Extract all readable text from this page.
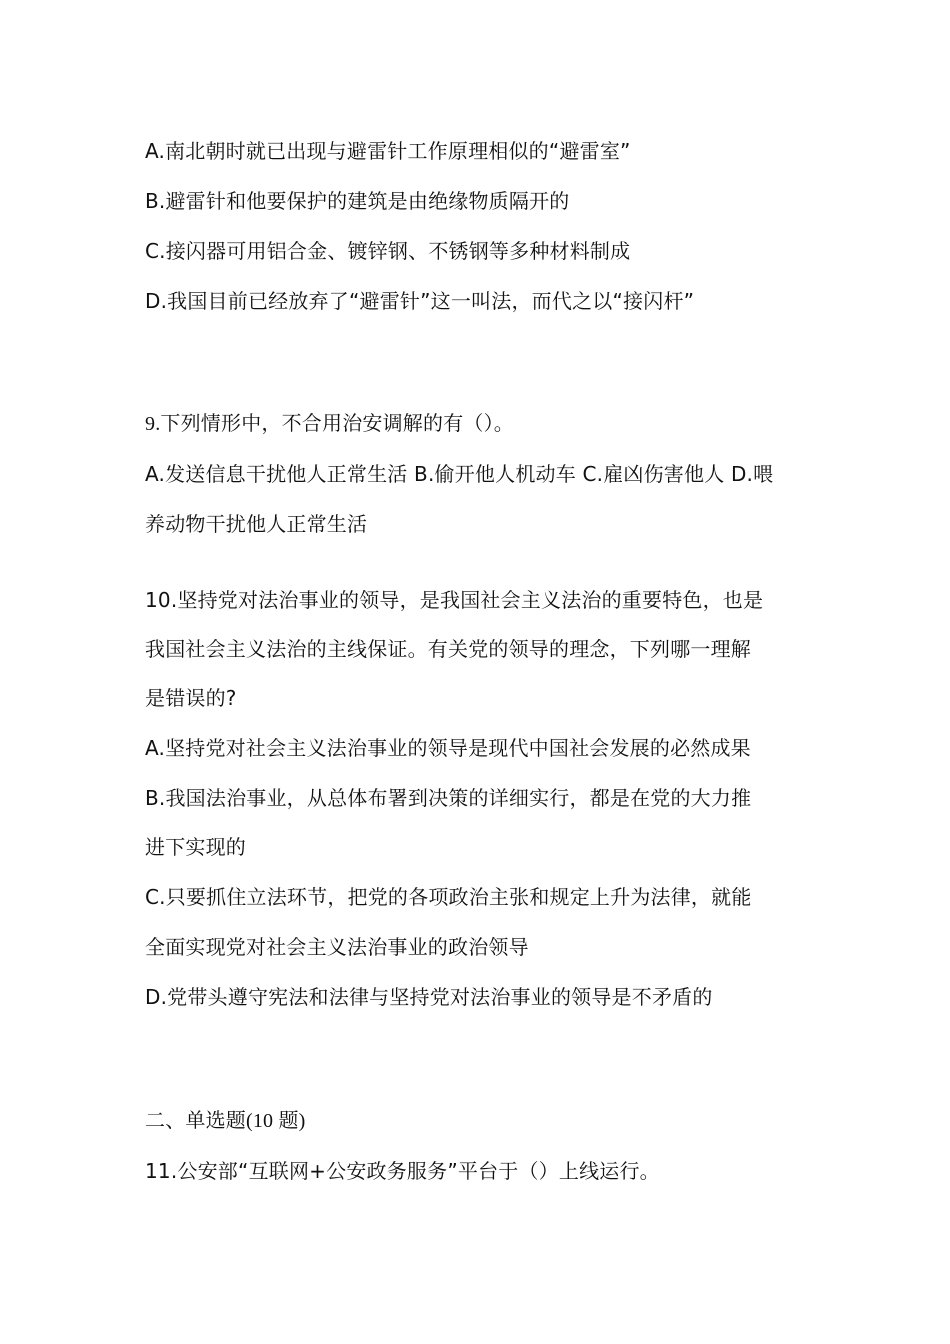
A.南北朝时就已出现与避雷针工作原理相似的“避雷室”
B.避雷针和他要保护的建筑是由绝缘物质隔开的
C.接闪器可用铝合金、镀锌钢、不锈钢等多种材料制成
D.我国目前已经放弃了“避雷针”这一叫法，而代之以“接闪杆”
9.下列情形中，不合用治安调解的有（）。
A.发送信息干扰他人正常生活 B.偷开他人机动车 C.雇凶伤害他人 D.喂
养动物干扰他人正常生活
10.坚持党对法治事业的领导，是我国社会主义法治的重要特色，也是
我国社会主义法治的主线保证。有关党的领导的理念，下列哪一理解
是错误的?
A.坚持党对社会主义法治事业的领导是现代中国社会发展的必然成果
B.我国法治事业，从总体布署到决策的详细实行，都是在党的大力推
进下实现的
C.只要抓住立法环节，把党的各项政治主张和规定上升为法律，就能
全面实现党对社会主义法治事业的政治领导
D.党带头遵守宪法和法律与坚持党对法治事业的领导是不矛盾的
二、单选题(10 题)
11.公安部“互联网+公安政务服务”平台于（）上线运行。
